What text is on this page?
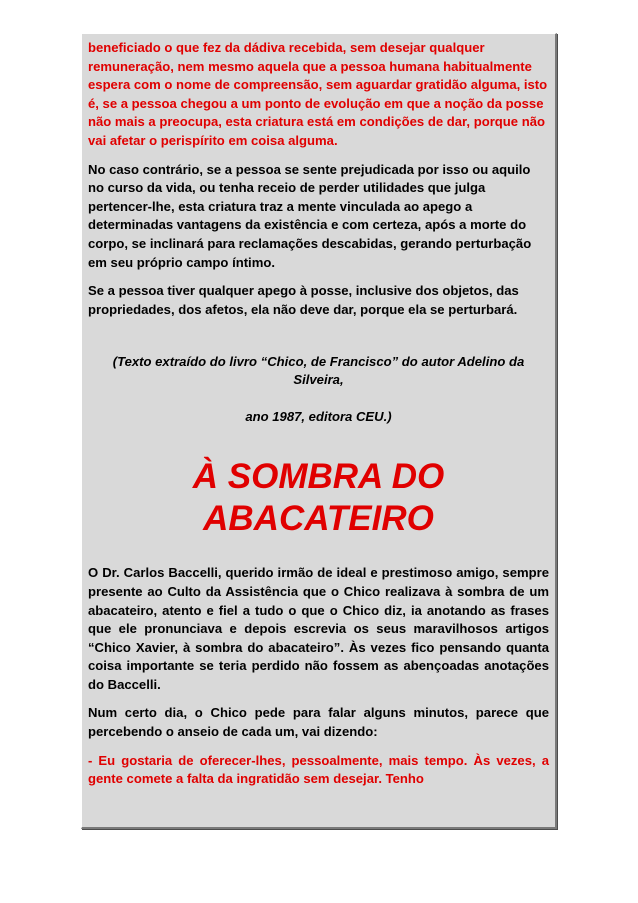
beneficiado o que fez da dádiva recebida, sem desejar qualquer remuneração, nem mesmo aquela que a pessoa humana habitualmente espera com o nome de compreensão, sem aguardar gratidão alguma, isto é, se a pessoa chegou a um ponto de evolução em que a noção da posse não mais a preocupa, esta criatura está em condições de dar, porque não vai afetar o perispírito em coisa alguma.

No caso contrário, se a pessoa se sente prejudicada por isso ou aquilo no curso da vida, ou tenha receio de perder utilidades que julga pertencer-lhe, esta criatura traz a mente vinculada ao apego a determinadas vantagens da existência e com certeza, após a morte do corpo, se inclinará para reclamações descabidas, gerando perturbação em seu próprio campo íntimo.

Se a pessoa tiver qualquer apego à posse, inclusive dos objetos, das propriedades, dos afetos, ela não deve dar, porque ela se perturbará.

(Texto extraído do livro “Chico, de Francisco” do autor Adelino da Silveira,

ano 1987, editora CEU.)

À SOMBRA DO
ABACATEIRO

O Dr. Carlos Baccelli, querido irmão de ideal e prestimoso amigo, sempre presente ao Culto da Assistência que o Chico realizava à sombra de um abacateiro, atento e fiel a tudo o que o Chico diz, ia anotando as frases que ele pronunciava e depois escrevia os seus maravilhosos artigos “Chico Xavier, à sombra do abacateiro”. Às vezes fico pensando quanta coisa importante se teria perdido não fossem as abençoadas anotações do Baccelli.

Num certo dia, o Chico pede para falar alguns minutos, parece que percebendo o anseio de cada um, vai dizendo:

- Eu gostaria de oferecer-lhes, pessoalmente, mais tempo. Às vezes, a gente comete a falta da ingratidão sem desejar. Tenho
